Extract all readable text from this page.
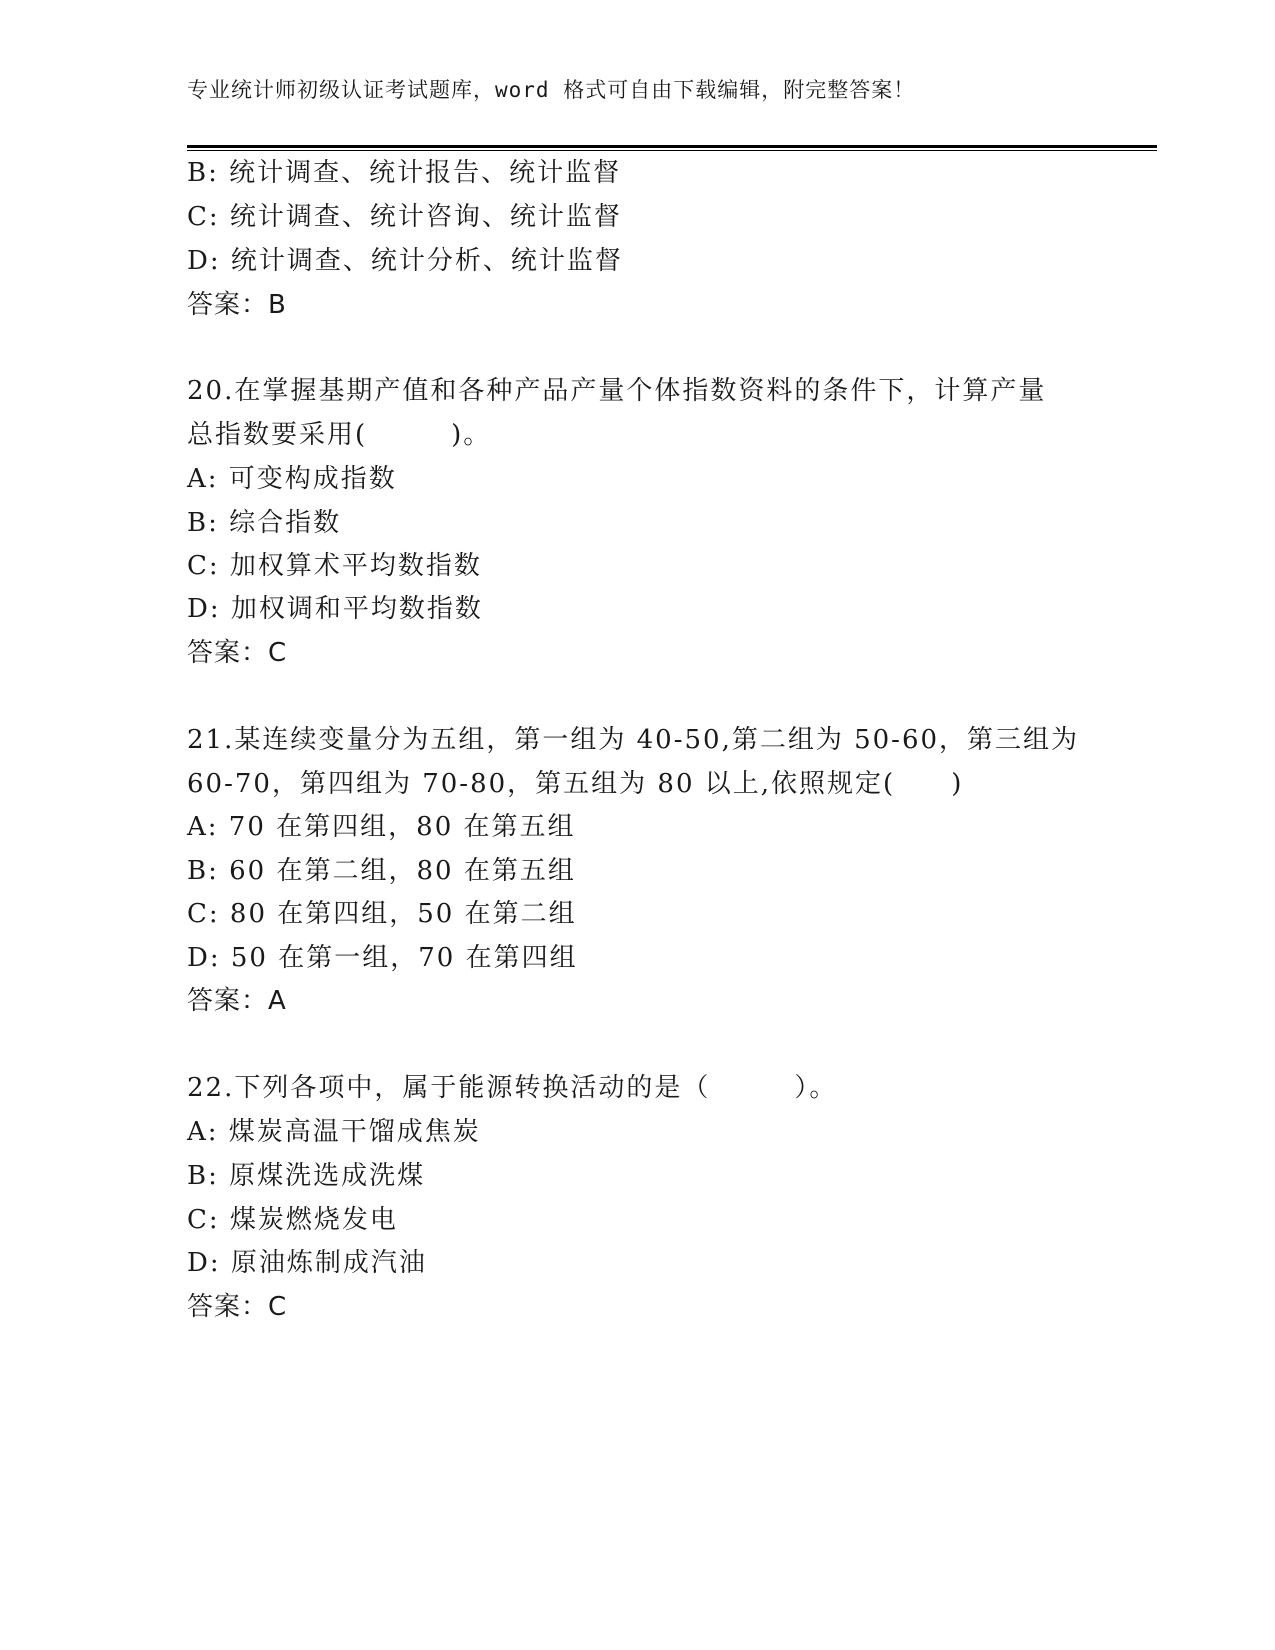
专业统计师初级认证考试题库，word 格式可自由下载编辑，附完整答案！
B: 统计调查、统计报告、统计监督
C: 统计调查、统计咨询、统计监督
D: 统计调查、统计分析、统计监督
答案：B
20.在掌握基期产值和各种产品产量个体指数资料的条件下，计算产量
总指数要采用(　　　)。
A: 可变构成指数
B: 综合指数
C: 加权算术平均数指数
D: 加权调和平均数指数
答案：C
21.某连续变量分为五组，第一组为 40-50,第二组为 50-60，第三组为
60-70，第四组为 70-80，第五组为 80 以上,依照规定(　　)
A: 70 在第四组，80 在第五组
B: 60 在第二组，80 在第五组
C: 80 在第四组，50 在第二组
D: 50 在第一组，70 在第四组
答案：A
22.下列各项中，属于能源转换活动的是（　　　）。
A: 煤炭高温干馏成焦炭
B: 原煤洗选成洗煤
C: 煤炭燃烧发电
D: 原油炼制成汽油
答案：C
